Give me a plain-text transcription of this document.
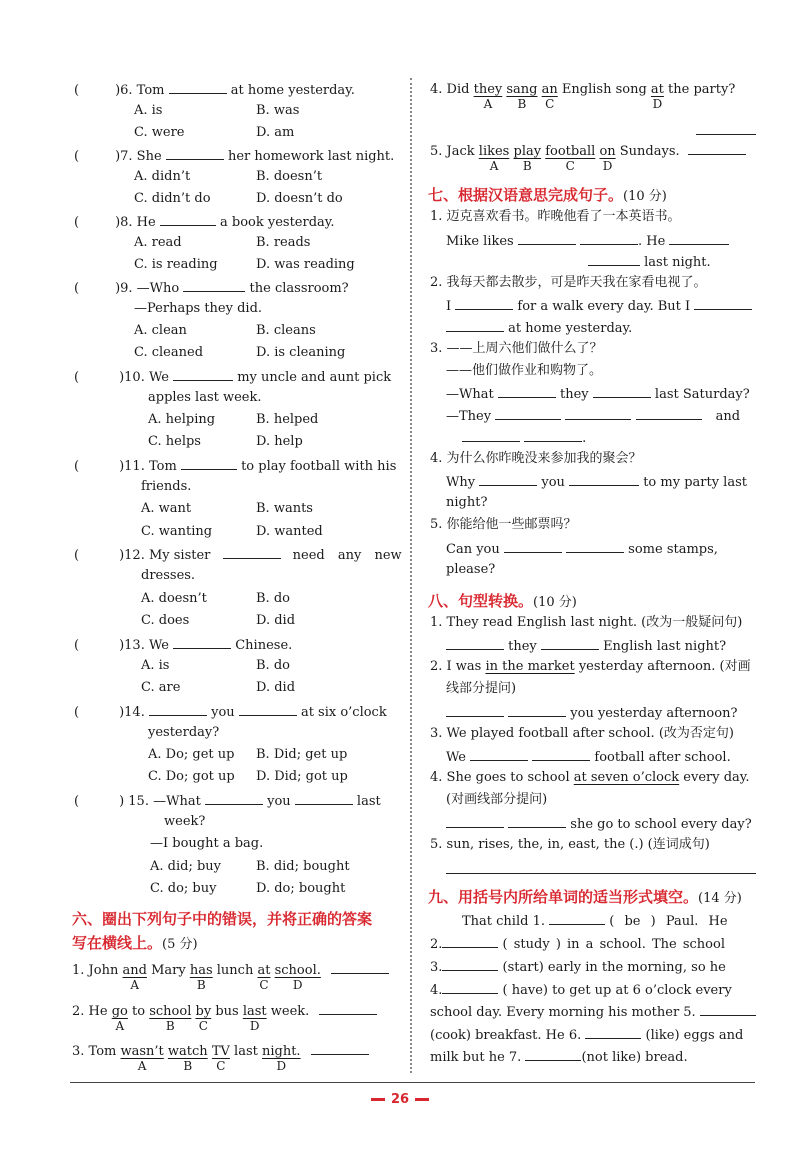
(	)6. Tom	at home yesterday.
A. is	B. was
C. were	D. am
(	)7. She	her homework last night.
A. didn’t	B. doesn’t
C. didn’t do	D. doesn’t do
(	)8. He	a book yesterday.
A. read	B. reads
C. is reading	D. was reading
(	)9. —Who	the classroom?
—Perhaps they did.
A. clean	B. cleans
C. cleaned	D. is cleaning
(	)10. We	my uncle and aunt pick
apples last week.
A. helping	B. helped
C. helps	D. help
(	)11. Tom	to play football with his
friends.
A. want	B. wants
C. wanting	D. wanted
(	)12. My sister	need any new
dresses.
A. doesn’t	B. do
C. does	D. did
(	)13. We	Chinese.
A. is	B. do
C. are	D. did
(	)14.	you	at six o’clock
yesterday?
A. Do; get up B. Did; get up
C. Do; got up D. Did; got up
(	) 15. —What	you	last
week?
—I bought a bag.
A. did; buy	B. did; bought
C. do; buy	D. do; bought
六、圈出下列句子中的错误，并将正确的答案
写在横线上。(5 分)
1. John and
A
Mary has
B
lunch at
C
school.
D

2. He go
A
to school
B
by
C
bus last
D
week.
3. Tom wasn’t
A
watch
B
TV
C
last night.
D

4. Did they
A
sang
B
an
C
English song at
D
the party?
5. Jack likes
A
play
B
football
C
on
D
Sundays.
七、根据汉语意思完成句子。(10 分)
1. 迈克喜欢看书。昨晚他看了一本英语书。
Mike likes	. He
last night.
2. 我每天都去散步，可是昨天我在家看电视了。
I	for a walk every day. But I
at home yesterday.
3. ——上周六他们做什么了？
——他们做作业和购物了。
—What	they	last Saturday?
—They	and
.
4. 为什么你昨晚没来参加我的聚会？
Why	you	to my party last
night?
5. 你能给他一些邮票吗？
Can you	some stamps,
please?
八、句型转换。(10 分)
1. They read English last night. (改为一般疑问句)
they	English last night?
2. I was in the market yesterday afternoon. (对画
线部分提问)
you yesterday afternoon?
3. We played football after school. (改为否定句)
We	football after school.
4. She goes to school at seven o’clock every day.
(对画线部分提问)
she go to school every day?
5. sun, rises, the, in, east, the (.) (连词成句)
九、用括号内所给单词的适当形式填空。(14 分)
That child 1.	( be ) Paul. He
2.	( study ) in a school. The school
3.	(start) early in the morning, so he
4.	( have) to get up at 6 o’clock every
school day. Every morning his mother 5.
(cook) breakfast. He 6.	(like) eggs and
milk but he 7.	(not like) bread.
26
